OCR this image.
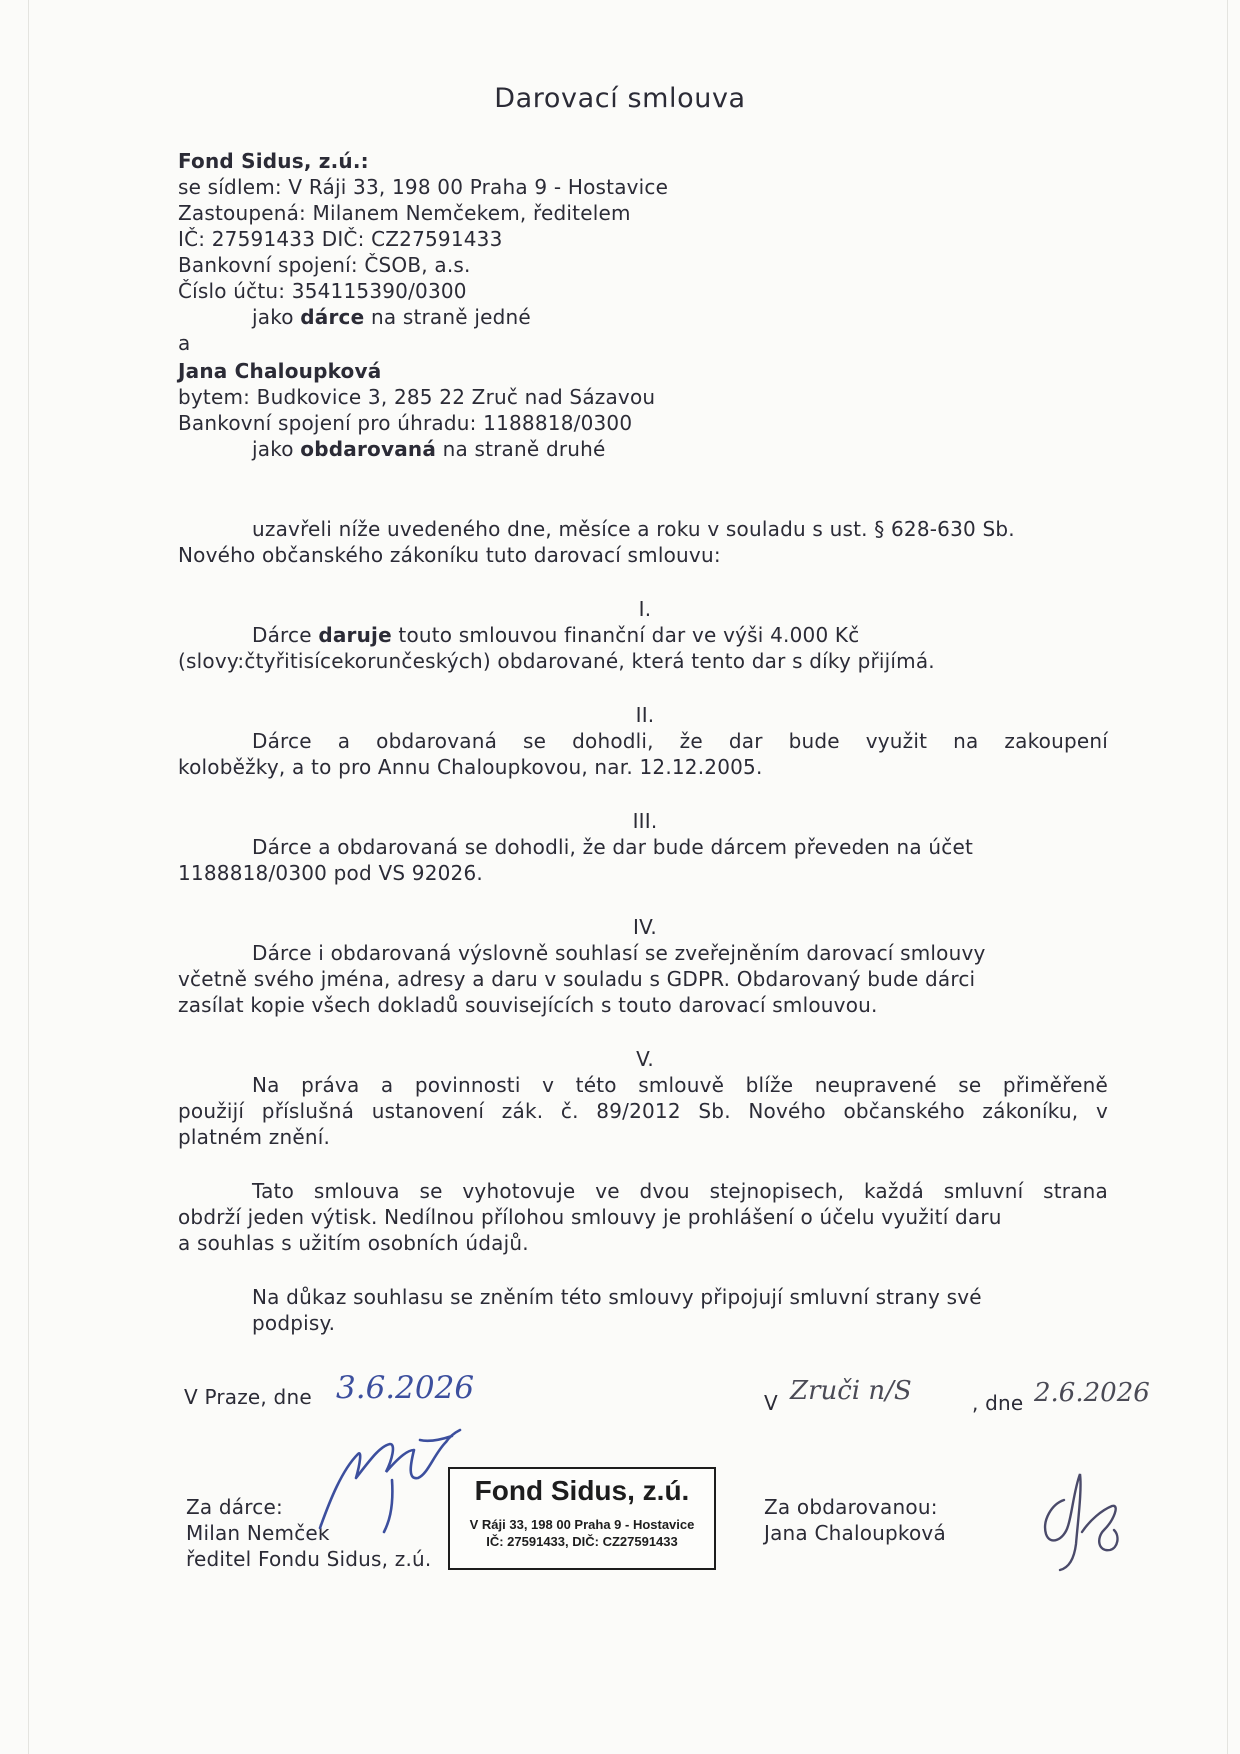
Darovací smlouva
Fond Sidus, z.ú.:
se sídlem: V Ráji 33, 198 00 Praha 9 - Hostavice
Zastoupená: Milanem Nemčekem, ředitelem
IČ: 27591433 DIČ: CZ27591433
Bankovní spojení: ČSOB, a.s.
Číslo účtu: 354115390/0300
jako dárce na straně jedné
a
Jana Chaloupková
bytem: Budkovice 3, 285 22 Zruč nad Sázavou
Bankovní spojení pro úhradu: 1188818/0300
jako obdarovaná na straně druhé
uzavřeli níže uvedeného dne, měsíce a roku v souladu s ust. § 628-630 Sb.
Nového občanského zákoníku tuto darovací smlouvu:
I.
Dárce daruje touto smlouvou finanční dar ve výši 4.000 Kč
(slovy:čtyřitisícekorunčeských) obdarované, která tento dar s díky přijímá.
II.
Dárce a obdarovaná se dohodli, že dar bude využit na zakoupení
koloběžky, a to pro Annu Chaloupkovou, nar. 12.12.2005.
III.
Dárce a obdarovaná se dohodli, že dar bude dárcem převeden na účet
1188818/0300 pod VS 92026.
IV.
Dárce i obdarovaná výslovně souhlasí se zveřejněním darovací smlouvy
včetně svého jména, adresy a daru v souladu s GDPR. Obdarovaný bude dárci
zasílat kopie všech dokladů souvisejících s touto darovací smlouvou.
V.
Na práva a povinnosti v této smlouvě blíže neupravené se přiměřeně
použijí příslušná ustanovení zák. č. 89/2012 Sb. Nového občanského zákoníku, v
platném znění.
Tato smlouva se vyhotovuje ve dvou stejnopisech, každá smluvní strana
obdrží jeden výtisk. Nedílnou přílohou smlouvy je prohlášení o účelu využití daru
a souhlas s užitím osobních údajů.
Na důkaz souhlasu se zněním této smlouvy připojují smluvní strany své
podpisy.
V Praze, dne 3.6.2026	V Zruči n/S	, dne 2.6.2026
Za dárce:
Milan Nemček
ředitel Fondu Sidus, z.ú.
Fond Sidus, z.ú.
V Ráji 33, 198 00 Praha 9 - Hostavice
IČ: 27591433, DIČ: CZ27591433
Za obdarovanou:
Jana Chaloupková
